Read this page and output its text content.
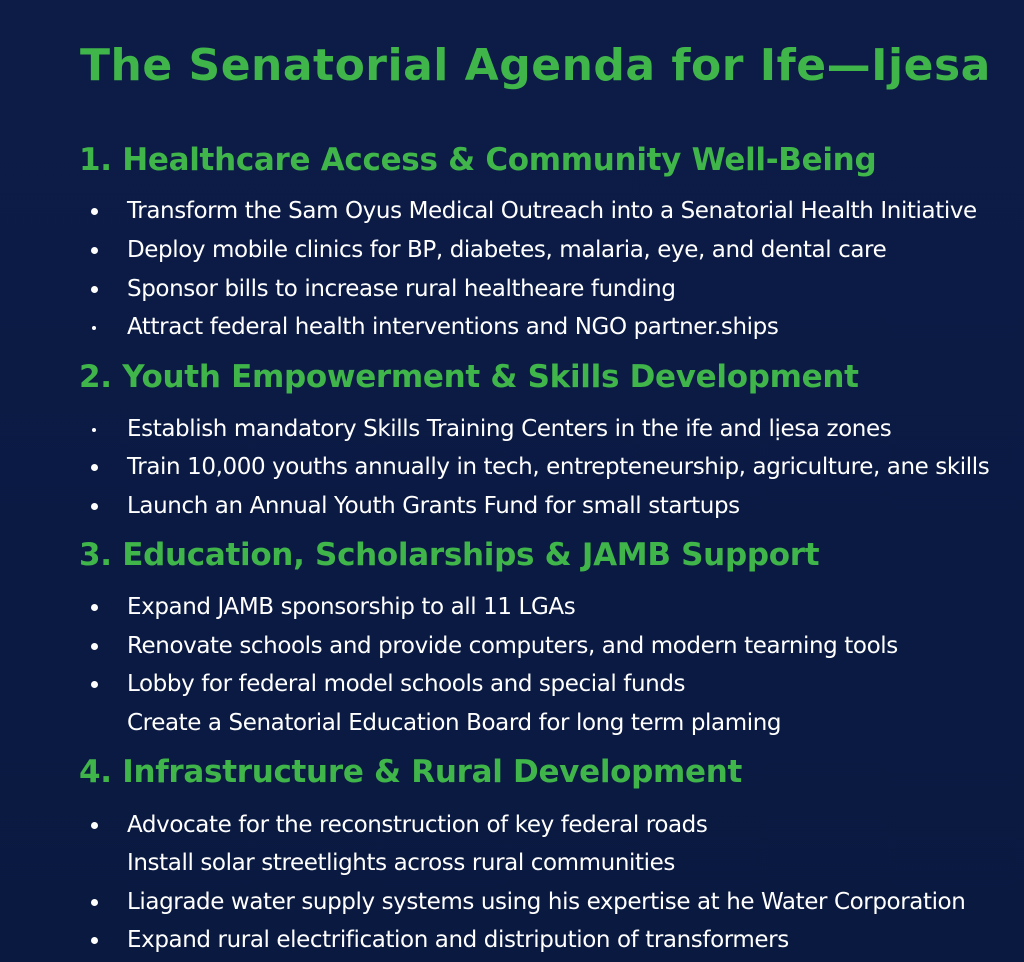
The Senatorial Agenda for Ife—Ijesa
1. Healthcare Access & Community Well-Being
Transform the Sam Oyus Medical Outreach into a Senatorial Health Initiative
Deploy mobile clinics for BP, diabetes, malaria, eye, and dental care
Sponsor bills to increase rural healtheare funding
Attract federal health interventions and NGO partner.ships
2. Youth Empowerment & Skills Development
Establish mandatory Skills Training Centers in the ife and lịesa zones
Train 10,000 youths annually in tech, entrepteneurship, agriculture, ane skills
Launch an Annual Youth Grants Fund for small startups
3. Education, Scholarships & JAMB Support
Expand JAMB sponsorship to all 11 LGAs
Renovate schools and provide computers, and modern tearning tools
Lobby for federal model schools and special funds
Create a Senatorial Education Board for long term plaming
4. Infrastructure & Rural Development
Advocate for the reconstruction of key federal roads
Install solar streetlights across rural communities
Liagrade water supply systems using his expertise at he Water Corporation
Expand rural electrification and distripution of transformers
